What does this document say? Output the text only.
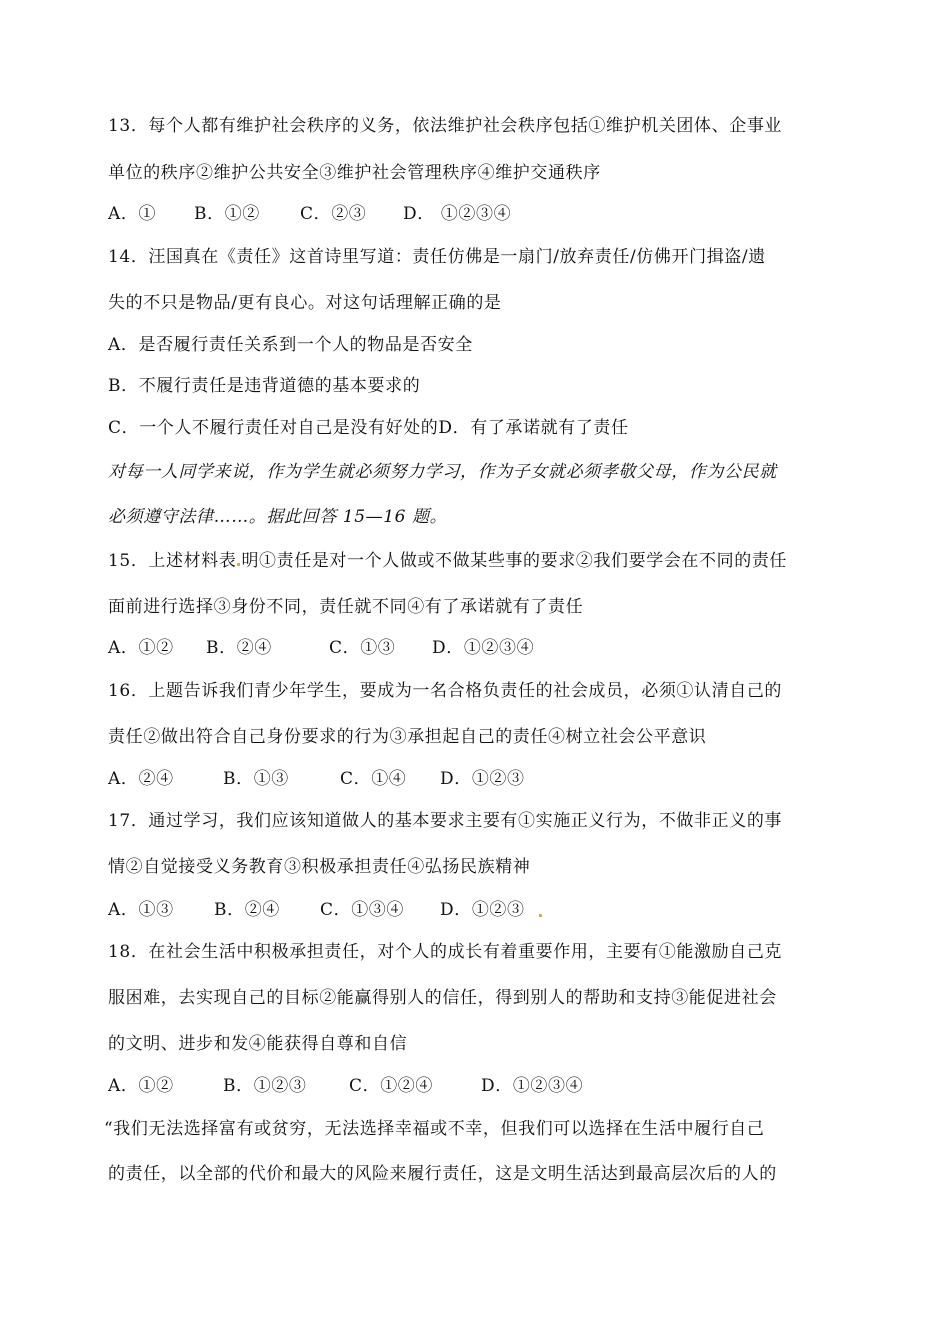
13．每个人都有维护社会秩序的义务，依法维护社会秩序包括①维护机关团体、企事业
单位的秩序②维护公共安全③维护社会管理秩序④维护交通秩序
A．① B．①② C．②③ D． ①②③④
14．汪国真在《责任》这首诗里写道：责任仿佛是一扇门/放弃责任/仿佛开门揖盗/遗
失的不只是物品/更有良心。对这句话理解正确的是
A．是否履行责任关系到一个人的物品是否安全
B．不履行责任是违背道德的基本要求的
C．一个人不履行责任对自己是没有好处的D．有了承诺就有了责任
对每一人同学来说，作为学生就必须努力学习，作为子女就必须孝敬父母，作为公民就
必须遵守法律……。据此回答 15—16 题。
15．上述材料表 明①责任是对一个人做或不做某些事的要求②我们要学会在不同的责任
面前进行选择③身份不同，责任就不同④有了承诺就有了责任
A．①② B．②④	C．①③ D．①②③④
16．上题告诉我们青少年学生，要成为一名合格负责任的社会成员，必须①认清自己的
责任②做出符合自己身份要求的行为③承担起自己的责任④树立社会公平意识
A．②④	B．①③	C．①④ D．①②③
17．通过学习，我们应该知道做人的基本要求主要有①实施正义行为，不做非正义的事
情②自觉接受义务教育③积极承担责任④弘扬民族精神
A．①③ B．②④ C．①③④ D．①②③
18．在社会生活中积极承担责任，对个人的成长有着重要作用，主要有①能激励自己克
服困难，去实现自己的目标②能赢得别人的信任，得到别人的帮助和支持③能促进社会
的文明、进步和发④能获得自尊和自信
A．①②	B．①②③	C．①②④	D．①②③④
“我们无法选择富有或贫穷，无法选择幸福或不幸，但我们可以选择在生活中履行自己
的责任，以全部的代价和最大的风险来履行责任，这是文明生活达到最高层次后的人的
